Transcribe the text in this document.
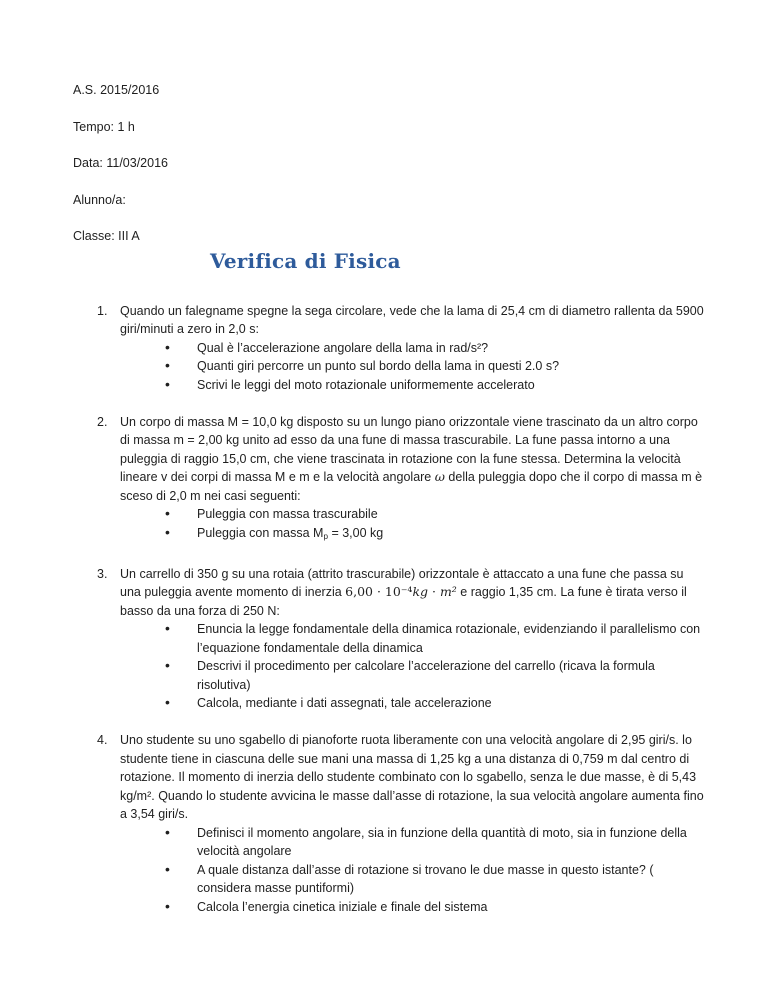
A.S. 2015/2016

Tempo: 1 h

Data: 11/03/2016

Alunno/a:

Classe: III A

Verifica di Fisica
1.	Quando un falegname spegne la sega circolare, vede che la lama di 25,4 cm di diametro rallenta da 5900 giri/minuti a zero in 2,0 s:

• Qual è l’accelerazione angolare della lama in rad/s²?
• Quanti giri percorre un punto sul bordo della lama in questi 2.0 s?
• Scrivi le leggi del moto rotazionale uniformemente accelerato
2.	Un corpo di massa M = 10,0 kg disposto su un lungo piano orizzontale viene trascinato da un altro corpo di massa m = 2,00 kg unito ad esso da una fune di massa trascurabile. La fune passa intorno a una puleggia di raggio 15,0 cm, che viene trascinata in rotazione con la fune stessa. Determina la velocità lineare v dei corpi di massa M e m e la velocità angolare ω della puleggia dopo che il corpo di massa m è sceso di 2,0 m nei casi seguenti:

• Puleggia con massa trascurabile
• Puleggia con massa Mp = 3,00 kg
3.	Un carrello di 350 g su una rotaia (attrito trascurabile) orizzontale è attaccato a una fune che passa su una puleggia avente momento di inerzia 6,00 · 10⁻⁴kg · m² e raggio 1,35 cm. La fune è tirata verso il basso da una forza di 250 N:

• Enuncia la legge fondamentale della dinamica rotazionale, evidenziando il parallelismo con l’equazione fondamentale della dinamica
• Descrivi il procedimento per calcolare l’accelerazione del carrello (ricava la formula risolutiva)
• Calcola, mediante i dati assegnati, tale accelerazione
4.	Uno studente su uno sgabello di pianoforte ruota liberamente con una velocità angolare di 2,95 giri/s. lo studente tiene in ciascuna delle sue mani una massa di 1,25 kg a una distanza di 0,759 m dal centro di rotazione. Il momento di inerzia dello studente combinato con lo sgabello, senza le due masse, è di 5,43 kg/m². Quando lo studente avvicina le masse dall’asse di rotazione, la sua velocità angolare aumenta fino a 3,54 giri/s.

• Definisci il momento angolare, sia in funzione della quantità di moto, sia in funzione della velocità angolare
• A quale distanza dall’asse di rotazione si trovano le due masse in questo istante? ( considera masse puntiformi)
• Calcola l’energia cinetica iniziale e finale del sistema
